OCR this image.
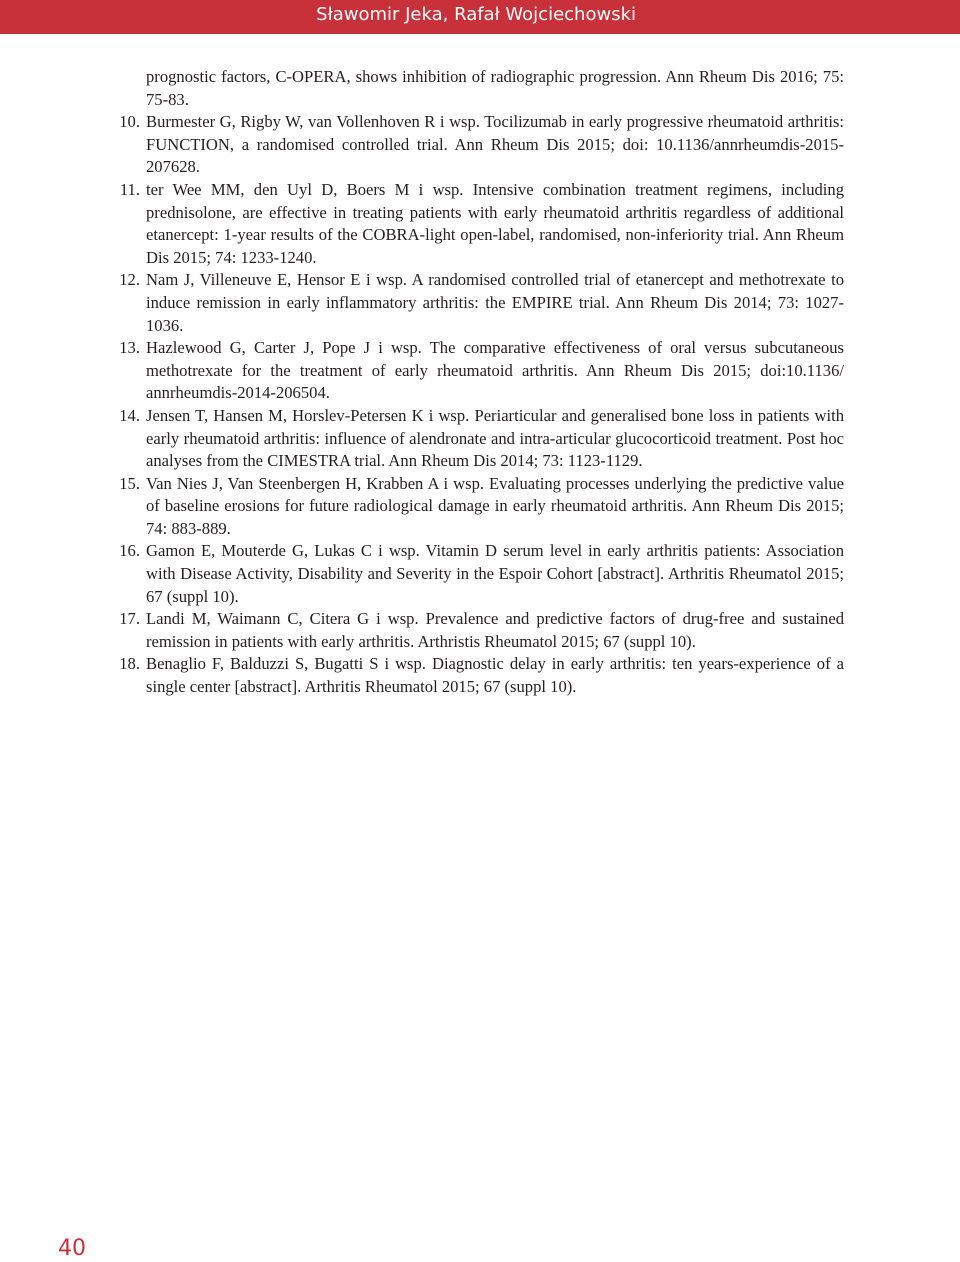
Sławomir Jeka, Rafał Wojciechowski
prognostic factors, C-OPERA, shows inhibition of radiographic progression. Ann Rheum Dis 2016; 75: 75-83.
10. Burmester G, Rigby W, van Vollenhoven R i wsp. Tocilizumab in early progressive rheumatoid arthritis: FUNCTION, a randomised controlled trial. Ann Rheum Dis 2015; doi: 10.1136/annrheumdis-2015-207628.
11. ter Wee MM, den Uyl D, Boers M i wsp. Intensive combination treatment regimens, including prednisolone, are effective in treating patients with early rheumatoid arthritis regardless of additional etanercept: 1-year results of the COBRA-light open-label, randomised, non-inferiority trial. Ann Rheum Dis 2015; 74: 1233-1240.
12. Nam J, Villeneuve E, Hensor E i wsp. A randomised controlled trial of etanercept and methotrexate to induce remission in early inflammatory arthritis: the EMPIRE trial. Ann Rheum Dis 2014; 73: 1027-1036.
13. Hazlewood G, Carter J, Pope J i wsp. The comparative effectiveness of oral versus subcutaneous methotrexate for the treatment of early rheumatoid arthritis. Ann Rheum Dis 2015; doi:10.1136/ annrheumdis-2014-206504.
14. Jensen T, Hansen M, Horslev-Petersen K i wsp. Periarticular and generalised bone loss in patients with early rheumatoid arthritis: influence of alendronate and intra-articular glucocorticoid treatment. Post hoc analyses from the CIMESTRA trial. Ann Rheum Dis 2014; 73: 1123-1129.
15. Van Nies J, Van Steenbergen H, Krabben A i wsp. Evaluating processes underlying the predictive value of baseline erosions for future radiological damage in early rheumatoid arthritis. Ann Rheum Dis 2015; 74: 883-889.
16. Gamon E, Mouterde G, Lukas C i wsp. Vitamin D serum level in early arthritis patients: Association with Disease Activity, Disability and Severity in the Espoir Cohort [abstract]. Arthritis Rheumatol 2015; 67 (suppl 10).
17. Landi M, Waimann C, Citera G i wsp. Prevalence and predictive factors of drug-free and sustained remission in patients with early arthritis. Arthristis Rheumatol 2015; 67 (suppl 10).
18. Benaglio F, Balduzzi S, Bugatti S i wsp. Diagnostic delay in early arthritis: ten years-experience of a single center [abstract]. Arthritis Rheumatol 2015; 67 (suppl 10).
40
